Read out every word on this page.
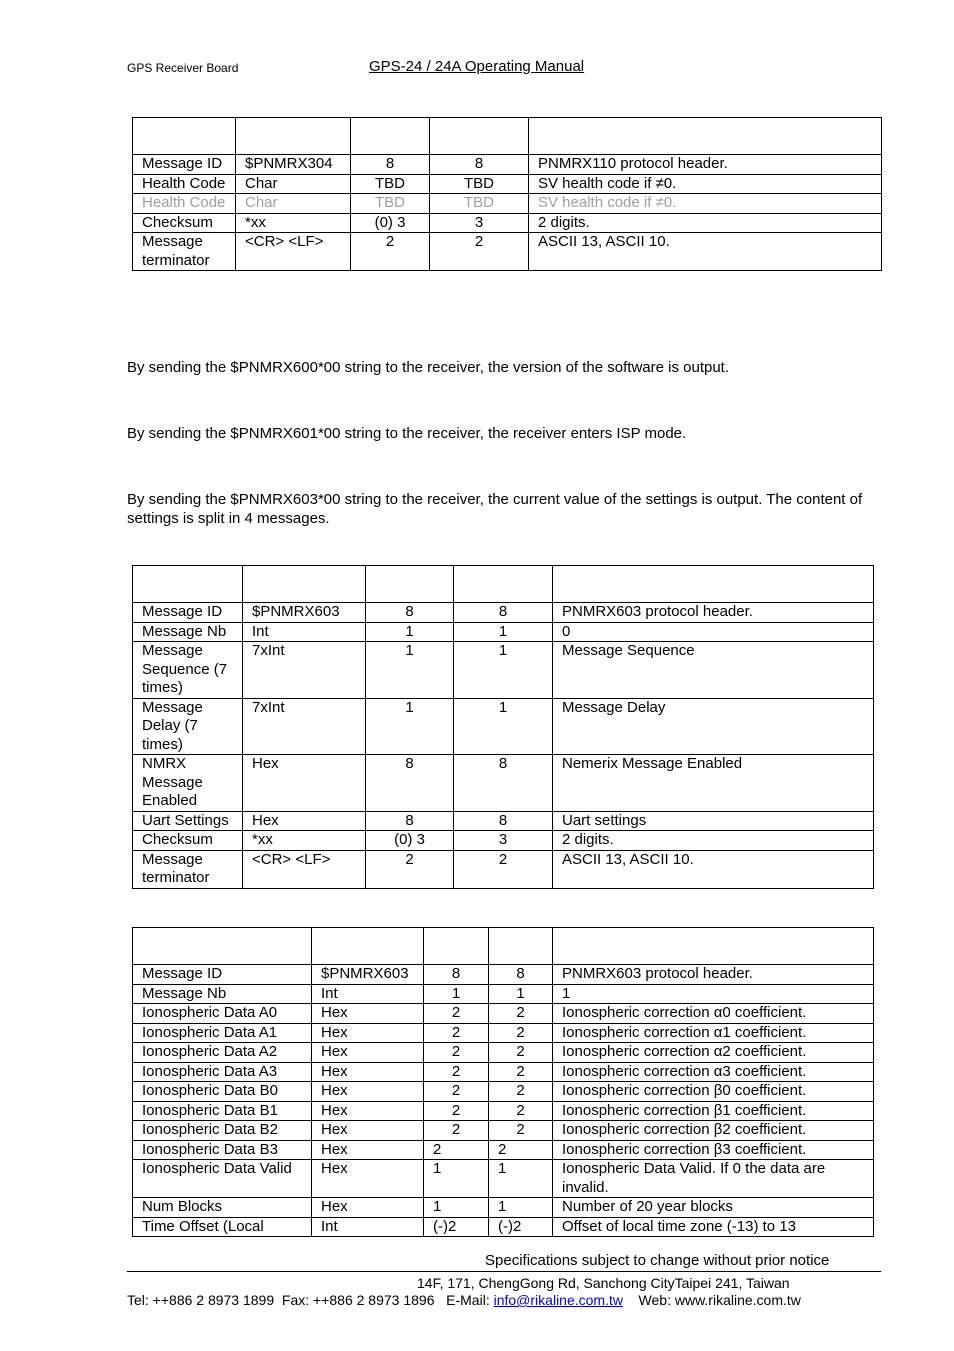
GPS Receiver Board	GPS-24 / 24A Operating Manual

Message ID	$PNMRX304	8	8	PNMRX110 protocol header.
Health Code	Char	TBD	TBD	SV health code if ≠0.
Health Code	Char	TBD	TBD	SV health code if ≠0.
Checksum	*xx	(0) 3	3	2 digits.
Message terminator	<CR> <LF>	2	2	ASCII 13, ASCII 10.
By sending the $PNMRX600*00 string to the receiver, the version of the software is output.
By sending the $PNMRX601*00 string to the receiver, the receiver enters ISP mode.
By sending the $PNMRX603*00 string to the receiver, the current value of the settings is output. The content of settings is split in 4 messages.

Message ID	$PNMRX603	8	8	PNMRX603 protocol header.
Message Nb	Int	1	1	0
Message Sequence (7 times)	7xInt	1	1	Message Sequence
Message Delay (7 times)	7xInt	1	1	Message Delay
NMRX Message Enabled	Hex	8	8	Nemerix Message Enabled
Uart Settings	Hex	8	8	Uart settings
Checksum	*xx	(0) 3	3	2 digits.
Message terminator	<CR> <LF>	2	2	ASCII 13, ASCII 10.

Message ID	$PNMRX603	8	8	PNMRX603 protocol header.
Message Nb	Int	1	1	1
Ionospheric Data A0	Hex	2	2	Ionospheric correction α0 coefficient.
Ionospheric Data A1	Hex	2	2	Ionospheric correction α1 coefficient.
Ionospheric Data A2	Hex	2	2	Ionospheric correction α2 coefficient.
Ionospheric Data A3	Hex	2	2	Ionospheric correction α3 coefficient.
Ionospheric Data B0	Hex	2	2	Ionospheric correction β0 coefficient.
Ionospheric Data B1	Hex	2	2	Ionospheric correction β1 coefficient.
Ionospheric Data B2	Hex	2	2	Ionospheric correction β2 coefficient.
Ionospheric Data B3	Hex	2	2	Ionospheric correction β3 coefficient.
Ionospheric Data Valid	Hex	1	1	Ionospheric Data Valid. If 0 the data are invalid.
Num Blocks	Hex	1	1	Number of 20 year blocks
Time Offset (Local	Int	(-)2	(-)2	Offset of local time zone (-13) to 13
Specifications subject to change without prior notice
14F, 171, ChengGong Rd, Sanchong CityTaipei 241, Taiwan
Tel: ++886 2 8973 1899  Fax: ++886 2 8973 1896   E-Mail: info@rikaline.com.tw    Web: www.rikaline.com.tw
